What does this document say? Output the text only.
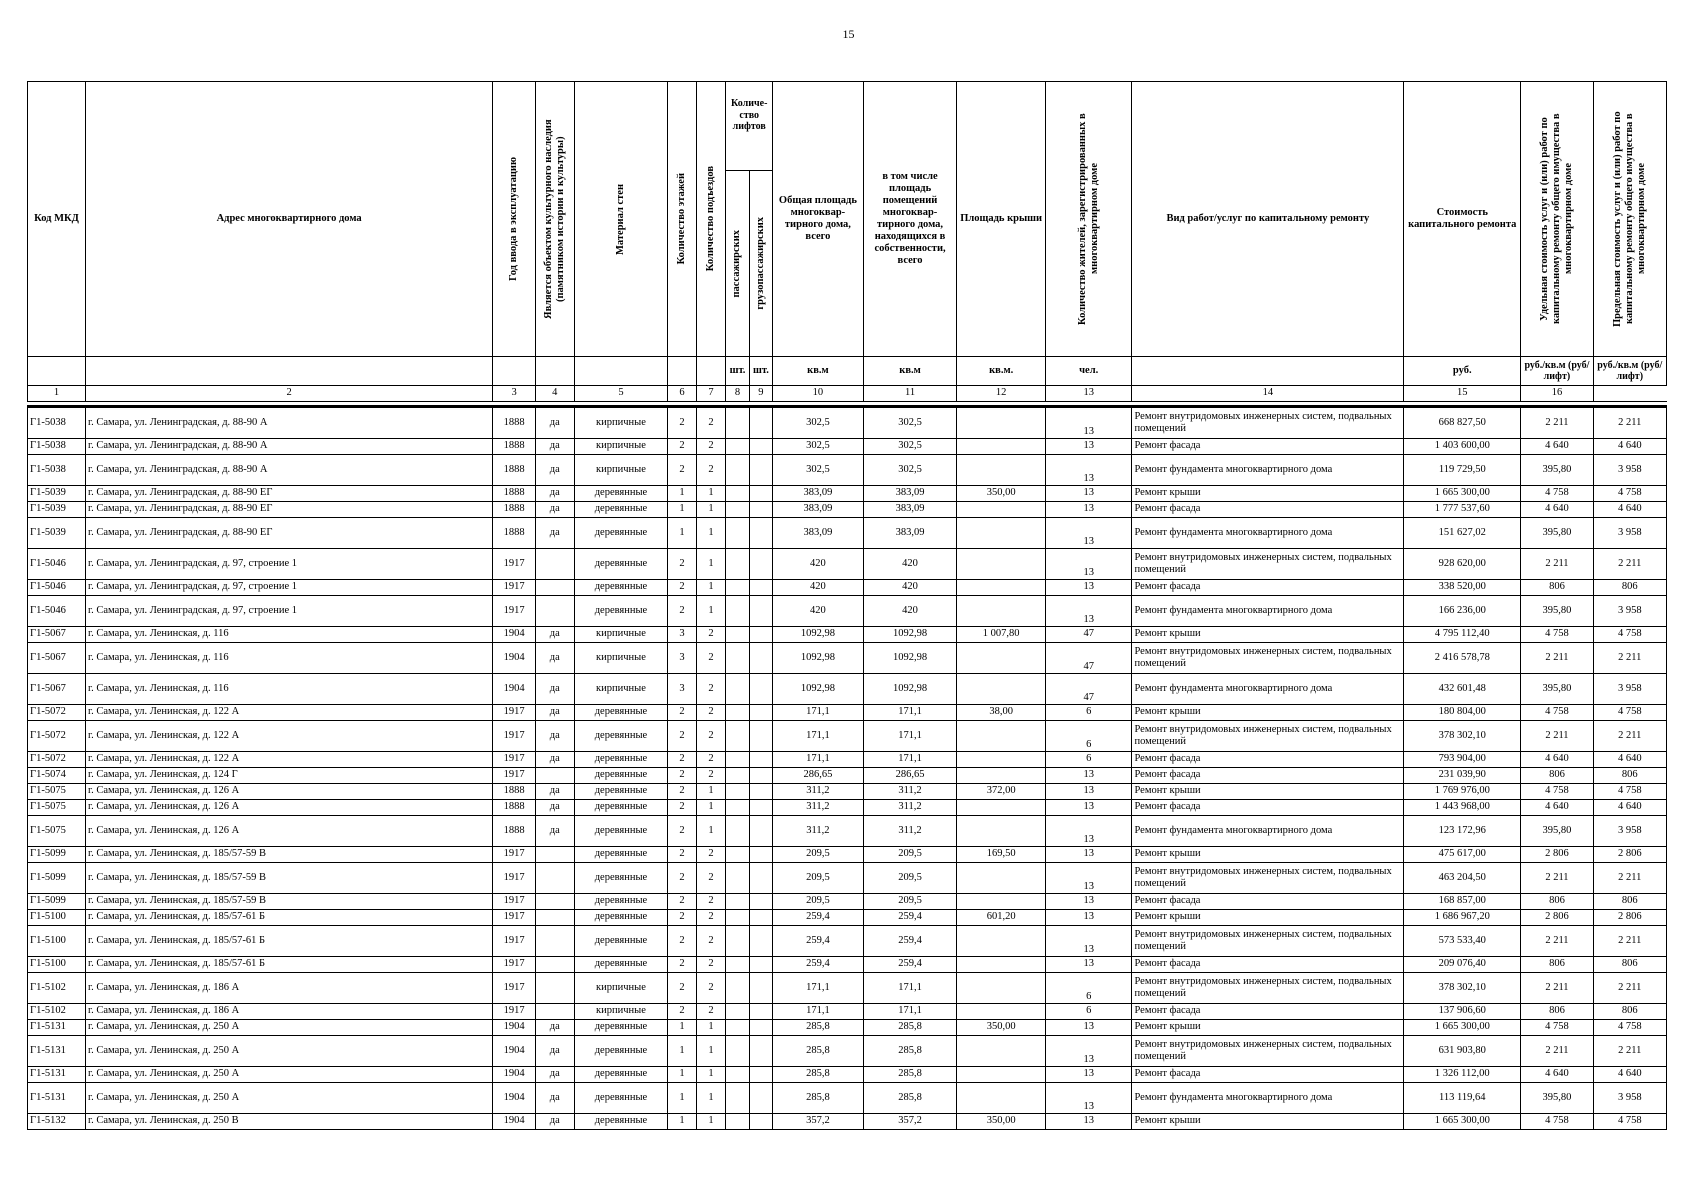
15
Код МКД	Адрес многоквартирного дома	Год ввода в эксплуатацию	Является объектом культурного наследия (памятником истории и культуры)	Материал стен	Количество этажей	Количество подъездов	Количе-ство лифтов		Общая площадь многоквар-тирного дома, всего	в том числе площадь помещений многоквар-тирного дома, находящихся в собственности, всего	Площадь крыши	Количество жителей, зарегистрированных в многоквартирном доме	Вид работ/услуг по капитальному ремонту	Стоимость капитального ремонта	Удельная стоимость услуг и (или) работ по капитальному ремонту общего имущества в многоквартирном доме	Предельная стоимость услуг и (или) работ по капитальному ремонту общего имущества в многоквартирном доме

							пассажирских	грузопассажирских								

							шт.	шт.	кв.м	кв.м	кв.м.	чел.		руб.	руб./кв.м (руб/лифт)	руб./кв.м (руб/лифт)
1	2	3	4	5	6	7	8	9	10	11	12	13	14	15	16	

Г1-5038	г. Самара, ул. Ленинградская, д. 88-90 А	1888	да	кирпичные	2	2			302,5	302,5		13	Ремонт внутридомовых инженерных систем, подвальных помещений	668 827,50	2 211	2 211
Г1-5038	г. Самара, ул. Ленинградская, д. 88-90 А	1888	да	кирпичные	2	2			302,5	302,5		13	Ремонт фасада	1 403 600,00	4 640	4 640
Г1-5038	г. Самара, ул. Ленинградская, д. 88-90 А	1888	да	кирпичные	2	2			302,5	302,5		13	Ремонт фундамента многоквартирного дома	119 729,50	395,80	3 958
Г1-5039	г. Самара, ул. Ленинградская, д. 88-90 ЕГ	1888	да	деревянные	1	1			383,09	383,09	350,00	13	Ремонт крыши	1 665 300,00	4 758	4 758
Г1-5039	г. Самара, ул. Ленинградская, д. 88-90 ЕГ	1888	да	деревянные	1	1			383,09	383,09		13	Ремонт фасада	1 777 537,60	4 640	4 640
Г1-5039	г. Самара, ул. Ленинградская, д. 88-90 ЕГ	1888	да	деревянные	1	1			383,09	383,09		13	Ремонт фундамента многоквартирного дома	151 627,02	395,80	3 958
Г1-5046	г. Самара, ул. Ленинградская, д. 97, строение 1	1917		деревянные	2	1			420	420		13	Ремонт внутридомовых инженерных систем, подвальных помещений	928 620,00	2 211	2 211
Г1-5046	г. Самара, ул. Ленинградская, д. 97, строение 1	1917		деревянные	2	1			420	420		13	Ремонт фасада	338 520,00	806	806
Г1-5046	г. Самара, ул. Ленинградская, д. 97, строение 1	1917		деревянные	2	1			420	420		13	Ремонт фундамента многоквартирного дома	166 236,00	395,80	3 958
Г1-5067	г. Самара, ул. Ленинская, д. 116	1904	да	кирпичные	3	2			1092,98	1092,98	1 007,80	47	Ремонт крыши	4 795 112,40	4 758	4 758
Г1-5067	г. Самара, ул. Ленинская, д. 116	1904	да	кирпичные	3	2			1092,98	1092,98		47	Ремонт внутридомовых инженерных систем, подвальных помещений	2 416 578,78	2 211	2 211
Г1-5067	г. Самара, ул. Ленинская, д. 116	1904	да	кирпичные	3	2			1092,98	1092,98		47	Ремонт фундамента многоквартирного дома	432 601,48	395,80	3 958
Г1-5072	г. Самара, ул. Ленинская, д. 122 А	1917	да	деревянные	2	2			171,1	171,1	38,00	6	Ремонт крыши	180 804,00	4 758	4 758
Г1-5072	г. Самара, ул. Ленинская, д. 122 А	1917	да	деревянные	2	2			171,1	171,1		6	Ремонт внутридомовых инженерных систем, подвальных помещений	378 302,10	2 211	2 211
Г1-5072	г. Самара, ул. Ленинская, д. 122 А	1917	да	деревянные	2	2			171,1	171,1		6	Ремонт фасада	793 904,00	4 640	4 640
Г1-5074	г. Самара, ул. Ленинская, д. 124 Г	1917		деревянные	2	2			286,65	286,65		13	Ремонт фасада	231 039,90	806	806
Г1-5075	г. Самара, ул. Ленинская, д. 126 А	1888	да	деревянные	2	1			311,2	311,2	372,00	13	Ремонт крыши	1 769 976,00	4 758	4 758
Г1-5075	г. Самара, ул. Ленинская, д. 126 А	1888	да	деревянные	2	1			311,2	311,2		13	Ремонт фасада	1 443 968,00	4 640	4 640
Г1-5075	г. Самара, ул. Ленинская, д. 126 А	1888	да	деревянные	2	1			311,2	311,2		13	Ремонт фундамента многоквартирного дома	123 172,96	395,80	3 958
Г1-5099	г. Самара, ул. Ленинская, д. 185/57-59 В	1917		деревянные	2	2			209,5	209,5	169,50	13	Ремонт крыши	475 617,00	2 806	2 806
Г1-5099	г. Самара, ул. Ленинская, д. 185/57-59 В	1917		деревянные	2	2			209,5	209,5		13	Ремонт внутридомовых инженерных систем, подвальных помещений	463 204,50	2 211	2 211
Г1-5099	г. Самара, ул. Ленинская, д. 185/57-59 В	1917		деревянные	2	2			209,5	209,5		13	Ремонт фасада	168 857,00	806	806
Г1-5100	г. Самара, ул. Ленинская, д. 185/57-61 Б	1917		деревянные	2	2			259,4	259,4	601,20	13	Ремонт крыши	1 686 967,20	2 806	2 806
Г1-5100	г. Самара, ул. Ленинская, д. 185/57-61 Б	1917		деревянные	2	2			259,4	259,4		13	Ремонт внутридомовых инженерных систем, подвальных помещений	573 533,40	2 211	2 211
Г1-5100	г. Самара, ул. Ленинская, д. 185/57-61 Б	1917		деревянные	2	2			259,4	259,4		13	Ремонт фасада	209 076,40	806	806
Г1-5102	г. Самара, ул. Ленинская, д. 186 А	1917		кирпичные	2	2			171,1	171,1		6	Ремонт внутридомовых инженерных систем, подвальных помещений	378 302,10	2 211	2 211
Г1-5102	г. Самара, ул. Ленинская, д. 186 А	1917		кирпичные	2	2			171,1	171,1		6	Ремонт фасада	137 906,60	806	806
Г1-5131	г. Самара, ул. Ленинская, д. 250 А	1904	да	деревянные	1	1			285,8	285,8	350,00	13	Ремонт крыши	1 665 300,00	4 758	4 758
Г1-5131	г. Самара, ул. Ленинская, д. 250 А	1904	да	деревянные	1	1			285,8	285,8		13	Ремонт внутридомовых инженерных систем, подвальных помещений	631 903,80	2 211	2 211
Г1-5131	г. Самара, ул. Ленинская, д. 250 А	1904	да	деревянные	1	1			285,8	285,8		13	Ремонт фасада	1 326 112,00	4 640	4 640
Г1-5131	г. Самара, ул. Ленинская, д. 250 А	1904	да	деревянные	1	1			285,8	285,8		13	Ремонт фундамента многоквартирного дома	113 119,64	395,80	3 958
Г1-5132	г. Самара, ул. Ленинская, д. 250 В	1904	да	деревянные	1	1			357,2	357,2	350,00	13	Ремонт крыши	1 665 300,00	4 758	4 758
